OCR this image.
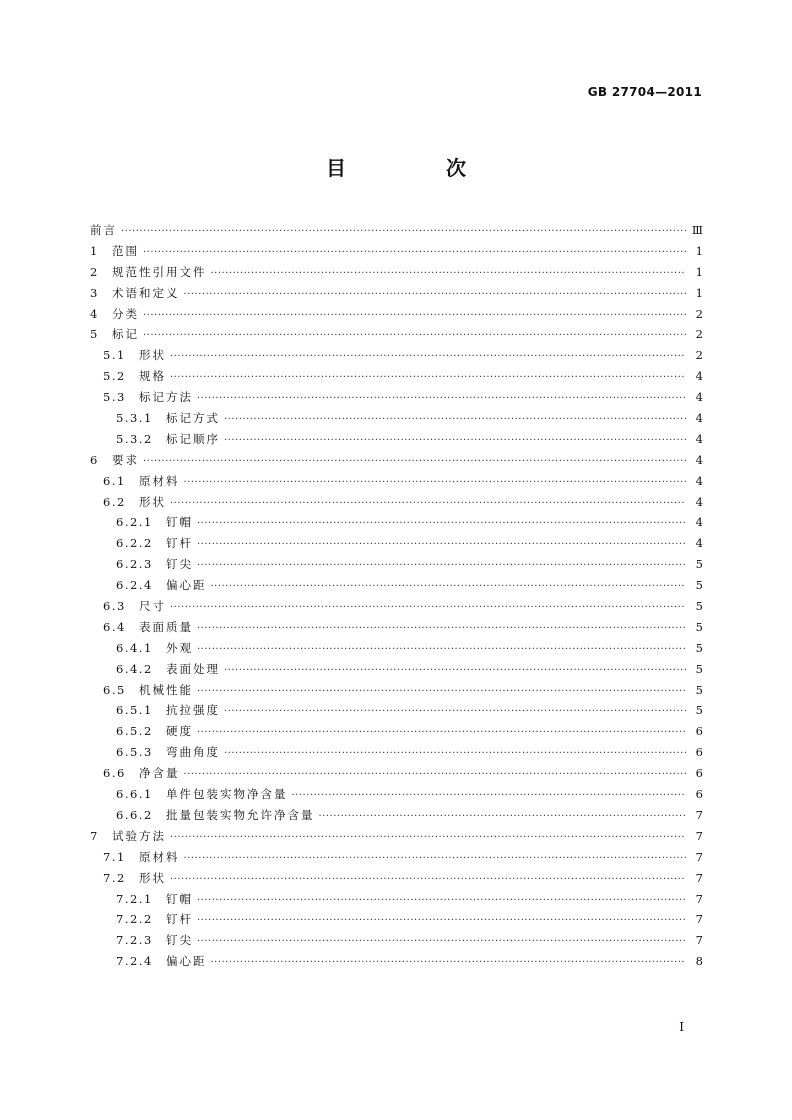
GB 27704—2011
目　次
前言 ·····	Ⅲ
1	范围 ·····	1
2	规范性引用文件 ·····	1
3	术语和定义 ·····	1
4	分类 ·····	2
5	标记 ·····	2
5.1	形状 ·····	2
5.2	规格 ·····	4
5.3	标记方法 ·····	4
5.3.1	标记方式 ·····	4
5.3.2	标记顺序 ·····	4
6	要求 ·····	4
6.1	原材料 ·····	4
6.2	形状 ·····	4
6.2.1	钉帽 ·····	4
6.2.2	钉杆 ·····	4
6.2.3	钉尖 ·····	5
6.2.4	偏心距 ·····	5
6.3	尺寸 ·····	5
6.4	表面质量 ·····	5
6.4.1	外观 ·····	5
6.4.2	表面处理 ·····	5
6.5	机械性能 ·····	5
6.5.1	抗拉强度 ·····	5
6.5.2	硬度 ·····	6
6.5.3	弯曲角度 ·····	6
6.6	净含量 ·····	6
6.6.1	单件包装实物净含量 ·····	6
6.6.2	批量包装实物允许净含量 ·····	7
7	试验方法 ·····	7
7.1	原材料 ·····	7
7.2	形状 ·····	7
7.2.1	钉帽 ·····	7
7.2.2	钉杆 ·····	7
7.2.3	钉尖 ·····	7
7.2.4	偏心距 ·····	8
I
